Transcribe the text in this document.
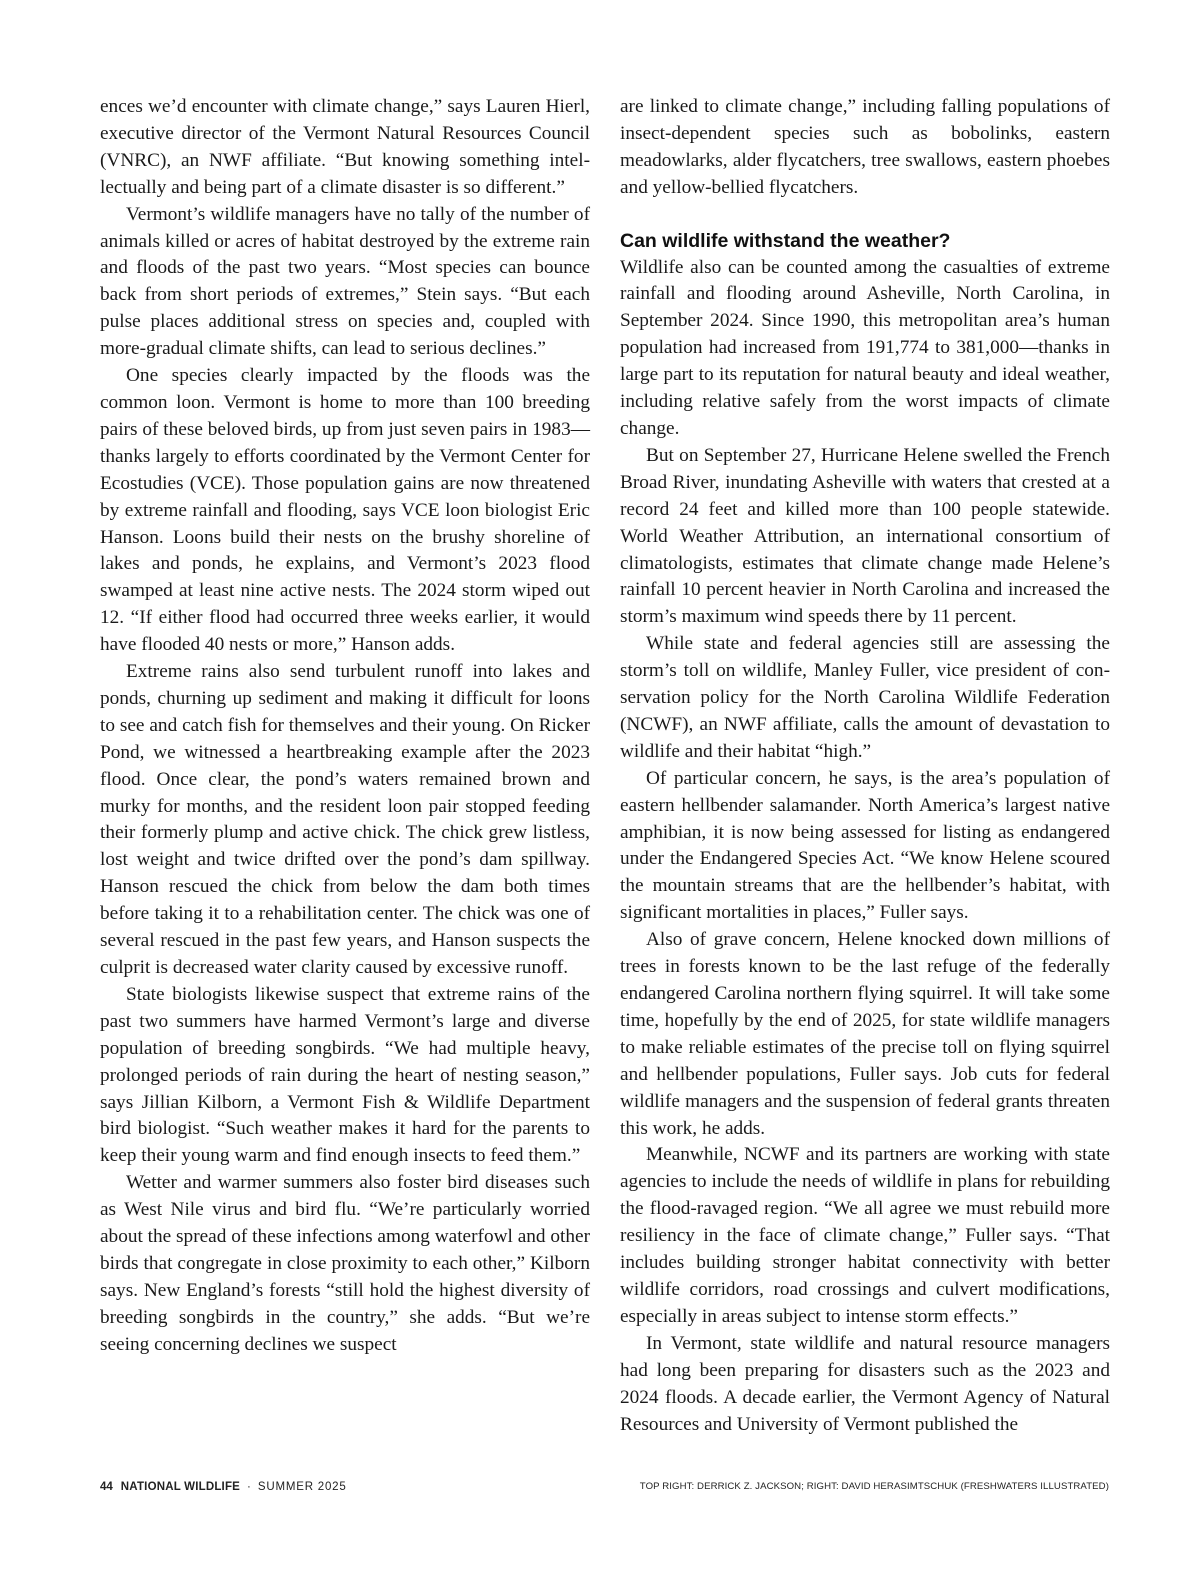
ences we’d encounter with climate change,” says Lauren Hierl, executive director of the Vermont Natural Resources Council (VNRC), an NWF affiliate. “But knowing something intellectually and being part of a climate disaster is so different.”

Vermont’s wildlife managers have no tally of the number of animals killed or acres of habitat destroyed by the extreme rain and floods of the past two years. “Most species can bounce back from short periods of extremes,” Stein says. “But each pulse places additional stress on species and, coupled with more-gradual climate shifts, can lead to serious declines.”

One species clearly impacted by the floods was the common loon. Vermont is home to more than 100 breeding pairs of these beloved birds, up from just seven pairs in 1983—thanks largely to efforts coordinated by the Vermont Center for Ecostudies (VCE). Those population gains are now threatened by extreme rainfall and flooding, says VCE loon biologist Eric Hanson. Loons build their nests on the brushy shoreline of lakes and ponds, he explains, and Vermont’s 2023 flood swamped at least nine active nests. The 2024 storm wiped out 12. “If either flood had occurred three weeks earlier, it would have flooded 40 nests or more,” Hanson adds.

Extreme rains also send turbulent runoff into lakes and ponds, churning up sediment and making it difficult for loons to see and catch fish for themselves and their young. On Ricker Pond, we witnessed a heartbreaking example after the 2023 flood. Once clear, the pond’s waters remained brown and murky for months, and the resident loon pair stopped feeding their formerly plump and active chick. The chick grew listless, lost weight and twice drifted over the pond’s dam spillway. Hanson rescued the chick from below the dam both times before taking it to a rehabilitation center. The chick was one of several rescued in the past few years, and Hanson suspects the culprit is decreased water clarity caused by excessive runoff.

State biologists likewise suspect that extreme rains of the past two summers have harmed Vermont’s large and diverse population of breeding songbirds. “We had multiple heavy, prolonged periods of rain during the heart of nesting season,” says Jillian Kilborn, a Vermont Fish & Wildlife Department bird biologist. “Such weather makes it hard for the parents to keep their young warm and find enough insects to feed them.”

Wetter and warmer summers also foster bird diseases such as West Nile virus and bird flu. “We’re particularly worried about the spread of these infections among waterfowl and other birds that congregate in close proximity to each other,” Kilborn says. New England’s forests “still hold the highest diversity of breeding songbirds in the country,” she adds. “But we’re seeing concerning declines we suspect

are linked to climate change,” including falling populations of insect-dependent species such as bobolinks, eastern meadowlarks, alder flycatchers, tree swallows, eastern phoebes and yellow-bellied flycatchers.

Can wildlife withstand the weather?

Wildlife also can be counted among the casualties of extreme rainfall and flooding around Asheville, North Carolina, in September 2024. Since 1990, this metropolitan area’s human population had increased from 191,774 to 381,000—thanks in large part to its reputation for natural beauty and ideal weather, including relative safely from the worst impacts of climate change.

But on September 27, Hurricane Helene swelled the French Broad River, inundating Asheville with waters that crested at a record 24 feet and killed more than 100 people statewide. World Weather Attribution, an international consortium of climatologists, estimates that climate change made Helene’s rainfall 10 percent heavier in North Carolina and increased the storm’s maximum wind speeds there by 11 percent.

While state and federal agencies still are assessing the storm’s toll on wildlife, Manley Fuller, vice president of conservation policy for the North Carolina Wildlife Federation (NCWF), an NWF affiliate, calls the amount of devastation to wildlife and their habitat “high.”

Of particular concern, he says, is the area’s population of eastern hellbender salamander. North America’s largest native amphibian, it is now being assessed for listing as endangered under the Endangered Species Act. “We know Helene scoured the mountain streams that are the hellbender’s habitat, with significant mortalities in places,” Fuller says.

Also of grave concern, Helene knocked down millions of trees in forests known to be the last refuge of the federally endangered Carolina northern flying squirrel. It will take some time, hopefully by the end of 2025, for state wildlife managers to make reliable estimates of the precise toll on flying squirrel and hellbender populations, Fuller says. Job cuts for federal wildlife managers and the suspension of federal grants threaten this work, he adds.

Meanwhile, NCWF and its partners are working with state agencies to include the needs of wildlife in plans for rebuilding the flood-ravaged region. “We all agree we must rebuild more resiliency in the face of climate change,” Fuller says. “That includes building stronger habitat connectivity with better wildlife corridors, road crossings and culvert modifications, especially in areas subject to intense storm effects.”

In Vermont, state wildlife and natural resource managers had long been preparing for disasters such as the 2023 and 2024 floods. A decade earlier, the Vermont Agency of Natural Resources and University of Vermont published the

44 NATIONAL WILDLIFE · SUMMER 2025	TOP RIGHT: DERRICK Z. JACKSON; RIGHT: DAVID HERASIMTSCHUK (FRESHWATERS ILLUSTRATED)
